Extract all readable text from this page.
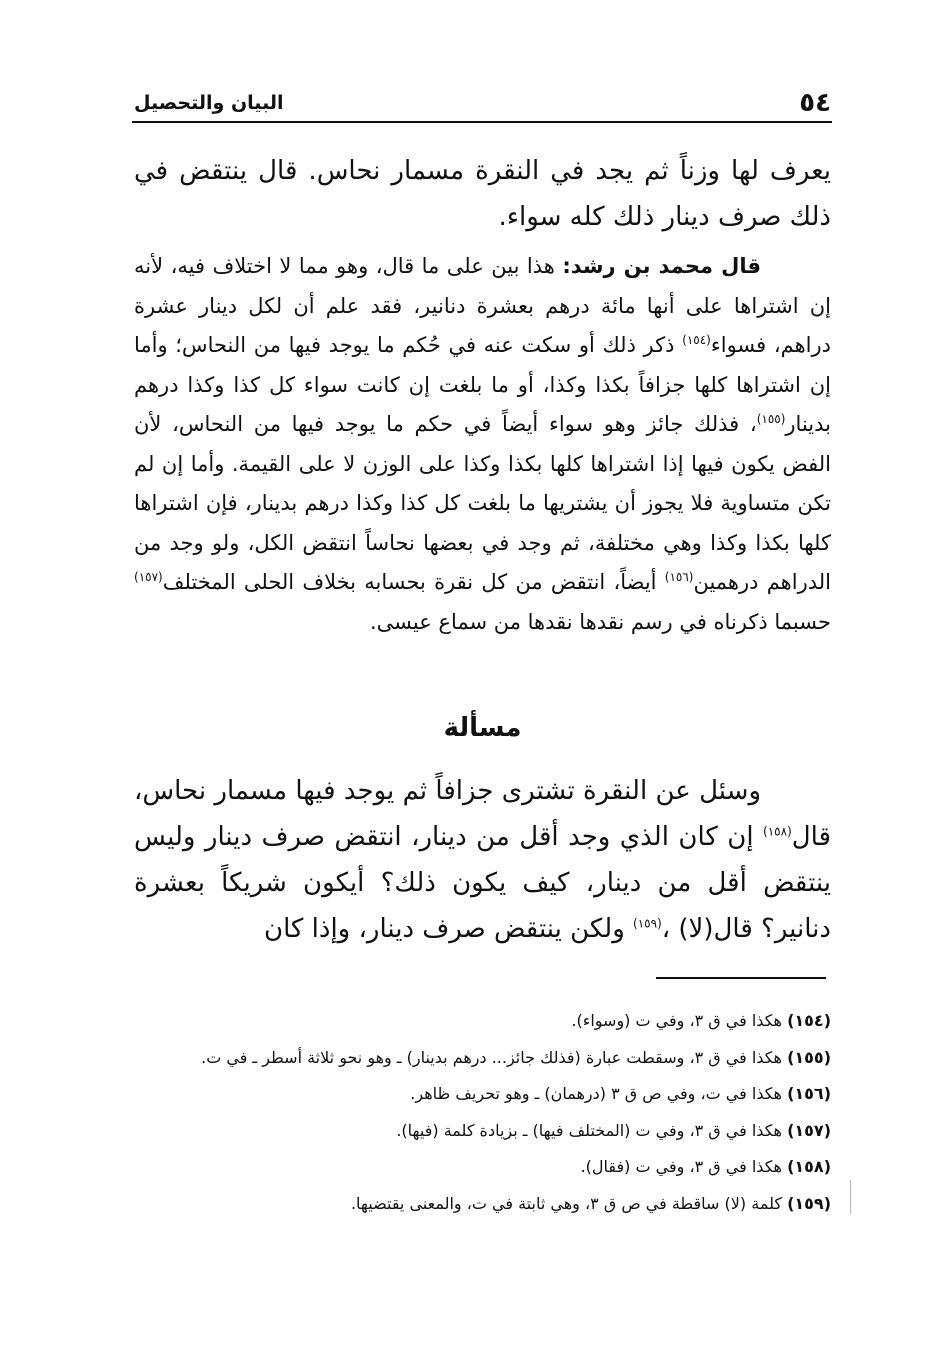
٥٤
البيان والتحصيل

يعرف لها وزناً ثم يجد في النقرة مسمار نحاس. قال ينتقض في ذلك صرف دينار ذلك كله سواء.

قال محمد بن رشد: هذا بين على ما قال، وهو مما لا اختلاف فيه، لأنه إن اشتراها على أنها مائة درهم بعشرة دنانير، فقد علم أن لكل دينار عشرة دراهم، فسواء$^{(١٥٤)}$ ذكر ذلك أو سكت عنه في حُكم ما يوجد فيها من النحاس؛ وأما إن اشتراها كلها جزافاً بكذا وكذا، أو ما بلغت إن كانت سواء كل كذا وكذا درهم بدينار$^{(١٥٥)}$، فذلك جائز وهو سواء أيضاً في حكم ما يوجد فيها من النحاس، لأن الفض يكون فيها إذا اشتراها كلها بكذا وكذا على الوزن لا على القيمة. وأما إن لم تكن متساوية فلا يجوز أن يشتريها ما بلغت كل كذا وكذا درهم بدينار، فإن اشتراها كلها بكذا وكذا وهي مختلفة، ثم وجد في بعضها نحاساً انتقض الكل، ولو وجد من الدراهم درهمين$^{(١٥٦)}$ أيضاً، انتقض من كل نقرة بحسابه بخلاف الحلى المختلف$^{(١٥٧)}$ حسبما ذكرناه في رسم نقدها نقدها من سماع عيسى.

مسألة

وسئل عن النقرة تشترى جزافاً ثم يوجد فيها مسمار نحاس، قال$^{(١٥٨)}$ إن كان الذي وجد أقل من دينار، انتقض صرف دينار وليس ينتقض أقل من دينار، كيف يكون ذلك؟ أيكون شريكاً بعشرة دنانير؟ قال(لا) ،$^{(١٥٩)}$ ولكن ينتقض صرف دينار، وإذا كان

(١٥٤) هكذا في ق ٣، وفي ت (وسواء).

(١٥٥) هكذا في ق ٣، وسقطت عبارة (فذلك جائز... درهم بدينار) ـ وهو نحو ثلاثة أسطر ـ في ت.

(١٥٦) هكذا في ت، وفي ص ق ٣ (درهمان) ـ وهو تحريف ظاهر.

(١٥٧) هكذا في ق ٣، وفي ت (المختلف فيها) ـ بزيادة كلمة (فيها).

(١٥٨) هكذا في ق ٣، وفي ت (فقال).

(١٥٩) كلمة (لا) ساقطة في ص ق ٣، وهي ثابتة في ت، والمعنى يقتضيها.
